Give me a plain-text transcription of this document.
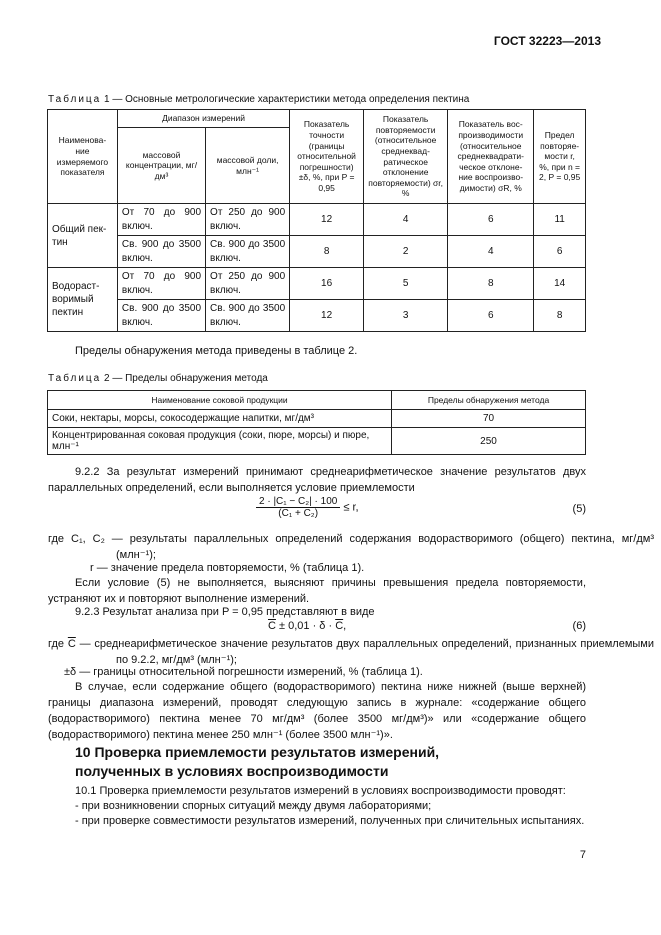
ГОСТ 32223—2013
Таблица 1 — Основные метрологические характеристики метода определения пектина
Наименова-ние измеряемого показателя	Диапазон измерений		Показатель точности (границы относительной погрешности) ±δ, %, при P = 0,95	Показатель повторяемости (относительное среднеквад-ратическое отклонение повторяемости) σr, %	Показатель вос-производимости (относительное среднеквадрати-ческое отклоне-ние воспроизво-димости) σR, %	Предел повторяе-мости r, %, при n = 2, P = 0,95
	массовой концентрации, мг/дм³	массовой доли, млн⁻¹				
Общий пек-тин	От 70 до 900 включ.	От 250 до 900 включ.	12	4	6	11
	Св. 900 до 3500 включ.	Св. 900 до 3500 включ.	8	2	4	6
Водораст-воримый пектин	От 70 до 900 включ.	От 250 до 900 включ.	16	5	8	14
	Св. 900 до 3500 включ.	Св. 900 до 3500 включ.	12	3	6	8
Пределы обнаружения метода приведены в таблице 2.
Таблица 2 — Пределы обнаружения метода
Наименование соковой продукции	Пределы обнаружения метода
Соки, нектары, морсы, сокосодержащие напитки, мг/дм³	70
Концентрированная соковая продукция (соки, пюре, морсы) и пюре, млн⁻¹	250
9.2.2 За результат измерений принимают среднеарифметическое значение результатов двух параллельных определений, если выполняется условие приемлемости
$\frac{\text{2 · |C₁ − C₂| · 100}}{\text{(C₁ + C₂)}} \le r$,	(5)
где C₁, C₂ — результаты параллельных определений содержания водорастворимого (общего) пектина, мг/дм³ (млн⁻¹);
r — значение предела повторяемости, % (таблица 1).
Если условие (5) не выполняется, выясняют причины превышения предела повторяемости, устраняют их и повторяют выполнение измерений.
9.2.3 Результат анализа при P = 0,95 представляют в виде
$\overline{C} \pm 0,01 \cdot \delta \cdot \overline{C}$,	(6)
где $\overline{C}$ — среднеарифметическое значение результатов двух параллельных определений, признанных приемлемыми по 9.2.2, мг/дм³ (млн⁻¹);
±δ — границы относительной погрешности измерений, % (таблица 1).
В случае, если содержание общего (водорастворимого) пектина ниже нижней (выше верхней) границы диапазона измерений, проводят следующую запись в журнале: «содержание общего (водорастворимого) пектина менее 70 мг/дм³ (более 3500 мг/дм³)» или «содержание общего (водорастворимого) пектина менее 250 млн⁻¹ (более 3500 млн⁻¹)».
10 Проверка приемлемости результатов измерений, полученных в условиях воспроизводимости
10.1 Проверка приемлемости результатов измерений в условиях воспроизводимости проводят:
- при возникновении спорных ситуаций между двумя лабораториями;
- при проверке совместимости результатов измерений, полученных при сличительных испытаниях.
7
